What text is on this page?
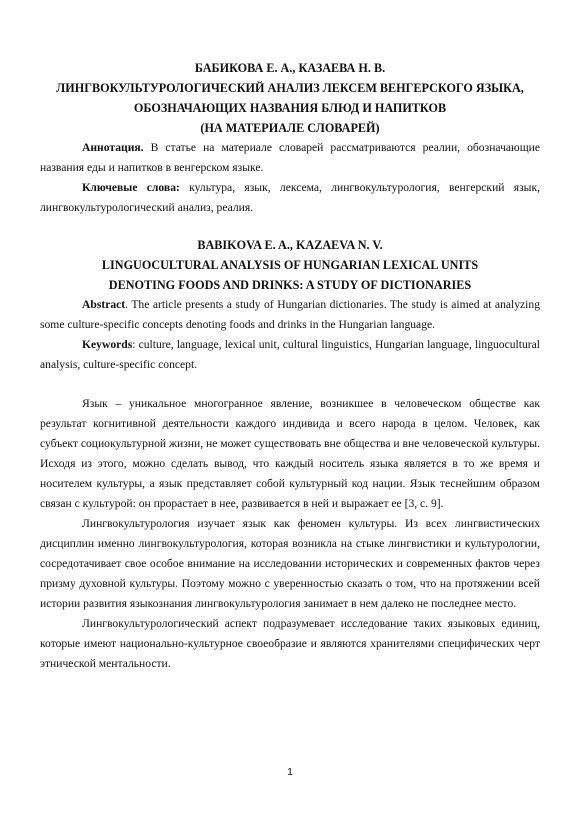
БАБИКОВА Е. А., КАЗАЕВА Н. В.

ЛИНГВОКУЛЬТУРОЛОГИЧЕСКИЙ АНАЛИЗ ЛЕКСЕМ ВЕНГЕРСКОГО ЯЗЫКА,

ОБОЗНАЧАЮЩИХ НАЗВАНИЯ БЛЮД И НАПИТКОВ

(НА МАТЕРИАЛЕ СЛОВАРЕЙ)

Аннотация. В статье на материале словарей рассматриваются реалии, обозначающие названия еды и напитков в венгерском языке.

Ключевые слова: культура, язык, лексема, лингвокультурология, венгерский язык, лингвокультурологический анализ, реалия.

BABIKOVA E. A., KAZAEVA N. V.

LINGUOCULTURAL ANALYSIS OF HUNGARIAN LEXICAL UNITS

DENOTING FOODS AND DRINKS: A STUDY OF DICTIONARIES

Abstract. The article presents a study of Hungarian dictionaries. The study is aimed at analyzing some culture-specific concepts denoting foods and drinks in the Hungarian language.

Keywords: culture, language, lexical unit, cultural linguistics, Hungarian language, linguocultural analysis, culture-specific concept.

Язык – уникальное многогранное явление, возникшее в человеческом обществе как результат когнитивной деятельности каждого индивида и всего народа в целом. Человек, как субъект социокультурной жизни, не может существовать вне общества и вне человеческой культуры. Исходя из этого, можно сделать вывод, что каждый носитель языка является в то же время и носителем культуры, а язык представляет собой культурный код нации. Язык теснейшим образом связан с культурой: он прорастает в нее, развивается в ней и выражает ее [3, с. 9].

Лингвокультурология изучает язык как феномен культуры. Из всех лингвистических дисциплин именно лингвокультурология, которая возникла на стыке лингвистики и культурологии, сосредотачивает свое особое внимание на исследовании исторических и современных фактов через призму духовной культуры. Поэтому можно с уверенностью сказать о том, что на протяжении всей истории развития языкознания лингвокультурология занимает в нем далеко не последнее место.

Лингвокультурологический аспект подразумевает исследование таких языковых единиц, которые имеют национально-культурное своеобразие и являются хранителями специфических черт этнической ментальности.

1
